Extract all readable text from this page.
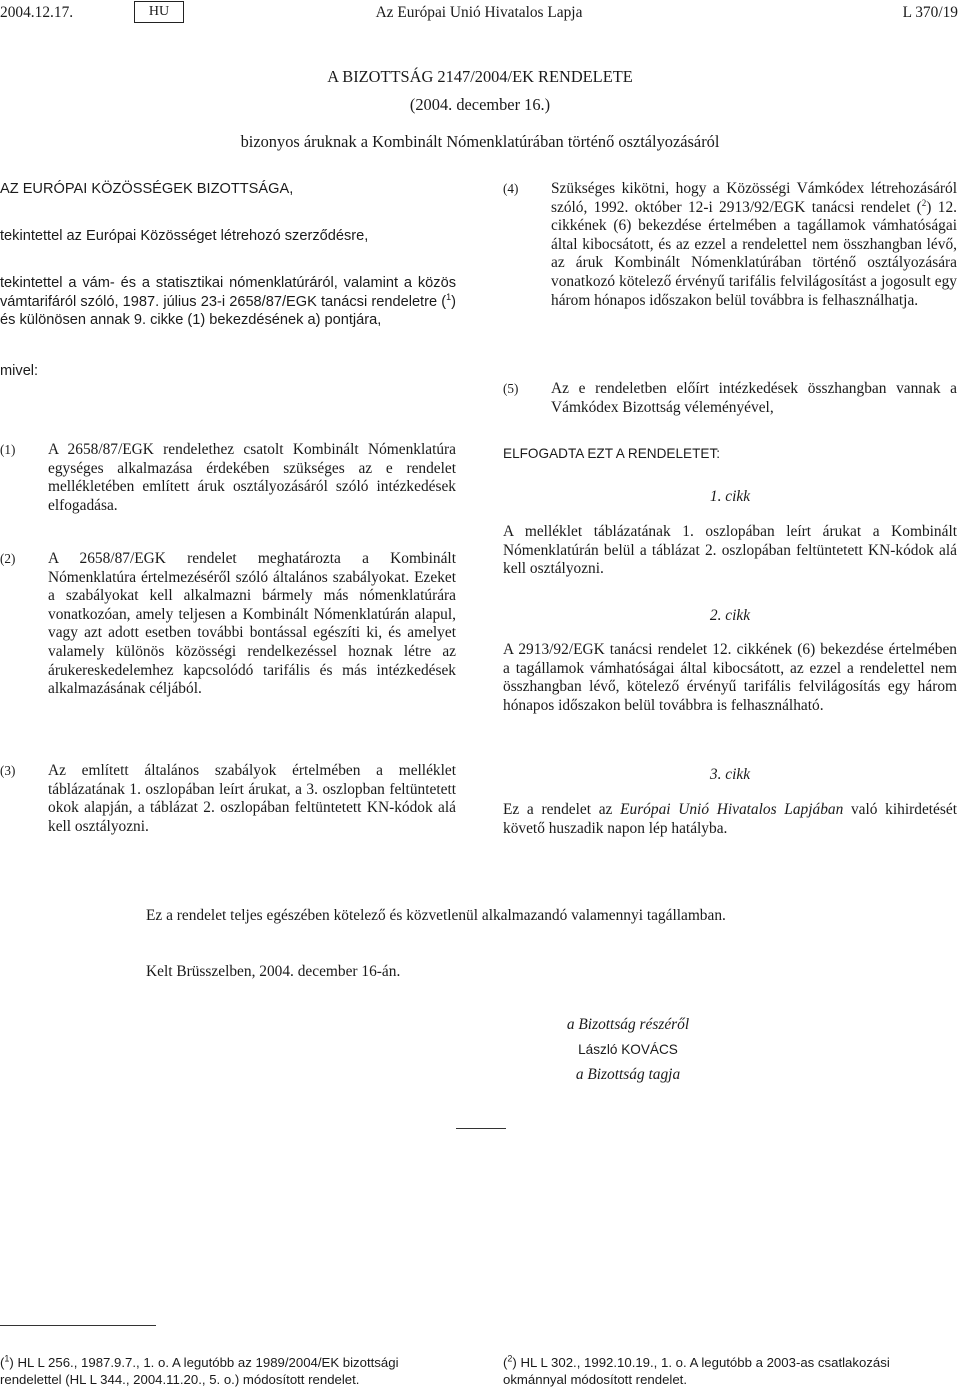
2004.12.17.	HU	Az Európai Unió Hivatalos Lapja	L 370/19
A BIZOTTSÁG 2147/2004/EK RENDELETE
(2004. december 16.)
bizonyos áruknak a Kombinált Nómenklatúrában történő osztályozásáról
AZ EURÓPAI KÖZÖSSÉGEK BIZOTTSÁGA,
tekintettel az Európai Közösséget létrehozó szerződésre,
tekintettel a vám- és a statisztikai nómenklatúráról, valamint a közös vámtarifáról szóló, 1987. július 23-i 2658/87/EGK tanácsi rendeletre ($^1$) és különösen annak 9. cikke (1) bekezdésének a) pontjára,
mivel:
(1) A 2658/87/EGK rendelethez csatolt Kombinált Nómenklatúra egységes alkalmazása érdekében szükséges az e rendelet mellékletében említett áruk osztályozásáról szóló intézkedések elfogadása.
(2) A 2658/87/EGK rendelet meghatározta a Kombinált Nómenklatúra értelmezéséről szóló általános szabályokat. Ezeket a szabályokat kell alkalmazni bármely más nómenklatúrára vonatkozóan, amely teljesen a Kombinált Nómenklatúrán alapul, vagy azt adott esetben további bontással egészíti ki, és amelyet valamely különös közösségi rendelkezéssel hoznak létre az árukereskedelemhez kapcsolódó tarifális és más intézkedések alkalmazásának céljából.
(3) Az említett általános szabályok értelmében a melléklet táblázatának 1. oszlopában leírt árukat, a 3. oszlopban feltüntetett okok alapján, a táblázat 2. oszlopában feltüntetett KN-kódok alá kell osztályozni.
(4) Szükséges kikötni, hogy a Közösségi Vámkódex létrehozásáról szóló, 1992. október 12-i 2913/92/EGK tanácsi rendelet ($^2$) 12. cikkének (6) bekezdése értelmében a tagállamok vámhatóságai által kibocsátott, és az ezzel a rendelettel nem összhangban lévő, az áruk Kombinált Nómenklatúrában történő osztályozására vonatkozó kötelező érvényű tarifális felvilágosítást a jogosult egy három hónapos időszakon belül továbbra is felhasználhatja.
(5) Az e rendeletben előírt intézkedések összhangban vannak a Vámkódex Bizottság véleményével,
ELFOGADTA EZT A RENDELETET:
1. cikk
A melléklet táblázatának 1. oszlopában leírt árukat a Kombinált Nómenklatúrán belül a táblázat 2. oszlopában feltüntetett KN-kódok alá kell osztályozni.
2. cikk
A 2913/92/EGK tanácsi rendelet 12. cikkének (6) bekezdése értelmében a tagállamok vámhatóságai által kibocsátott, az ezzel a rendelettel nem összhangban lévő, kötelező érvényű tarifális felvilágosítás egy három hónapos időszakon belül továbbra is felhasználható.
3. cikk
Ez a rendelet az Európai Unió Hivatalos Lapjában való kihirdetését követő huszadik napon lép hatályba.
Ez a rendelet teljes egészében kötelező és közvetlenül alkalmazandó valamennyi tagállamban.
Kelt Brüsszelben, 2004. december 16-án.
a Bizottság részéről
László KOVÁCS
a Bizottság tagja
($^1$) HL L 256., 1987.9.7., 1. o. A legutóbb az 1989/2004/EK bizottsági rendelettel (HL L 344., 2004.11.20., 5. o.) módosított rendelet.
($^2$) HL L 302., 1992.10.19., 1. o. A legutóbb a 2003-as csatlakozási okmánnyal módosított rendelet.
